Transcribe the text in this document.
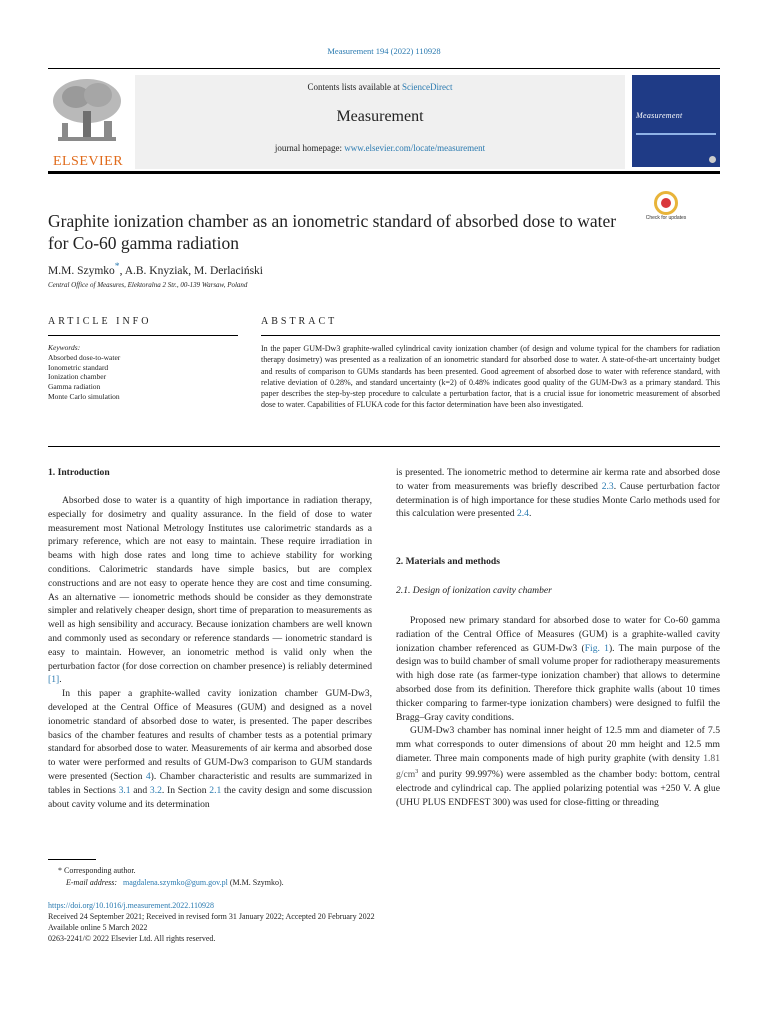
Measurement 194 (2022) 110928
ELSEVIER
Contents lists available at ScienceDirect
Measurement
journal homepage: www.elsevier.com/locate/measurement
Measurement
Graphite ionization chamber as an ionometric standard of absorbed dose to water for Co-60 gamma radiation
Check for updates
M.M. Szymko*, A.B. Knyziak, M. Derlaciński
Central Office of Measures, Elektoralna 2 Str., 00-139 Warsaw, Poland
ARTICLE INFO	ABSTRACT
Keywords:
Absorbed dose-to-water
Ionometric standard
Ionization chamber
Gamma radiation
Monte Carlo simulation
In the paper GUM-Dw3 graphite-walled cylindrical cavity ionization chamber (of design and volume typical for the chambers for radiation therapy dosimetry) was presented as a realization of an ionometric standard for absorbed dose to water. A state-of-the-art uncertainty budget and results of comparison to GUMs standards has been presented. Good agreement of absorbed dose to water with reference standard, with relative deviation of 0.28%, and standard uncertainty (k=2) of 0.48% indicates good quality of the GUM-Dw3 as a primary standard. This paper describes the step-by-step procedure to calculate a perturbation factor, that is a crucial issue for ionometric measurement of absorbed dose to water. Capabilities of FLUKA code for this factor determination have been also investigated.
1. Introduction

Absorbed dose to water is a quantity of high importance in radiation therapy, especially for dosimetry and quality assurance. In the field of dose to water measurement most National Metrology Institutes use calorimetric standards as a primary reference, which are not easy to maintain. These require irradiation in beams with high dose rates and long time to achieve stability for working conditions. Calorimetric standards have simple basics, but are complex constructions and are not easy to operate hence they are cost and time consuming. As an alternative — ionometric methods should be consider as they demonstrate simpler and relatively cheaper design, short time of preparation to measurements as well as high sensibility and accuracy. Because ionization chambers are well known and commonly used as secondary or reference standards — ionometric standard is easy to maintain. However, an ionometric method is valid only when the perturbation factor (for dose correction on chamber presence) is reliably determined [1].

In this paper a graphite-walled cavity ionization chamber GUM-Dw3, developed at the Central Office of Measures (GUM) and designed as a novel ionometric standard of absorbed dose to water, is presented. The paper describes basics of the chamber features and results of chamber tests as a potential primary standard for absorbed dose to water. Measurements of air kerma and absorbed dose to water were performed and results of GUM-Dw3 comparison to GUM standards were presented (Section 4). Chamber characteristic and results are summarized in tables in Sections 3.1 and 3.2. In Section 2.1 the cavity design and some discussion about cavity volume and its determination

is presented. The ionometric method to determine air kerma rate and absorbed dose to water from measurements was briefly described 2.3. Cause perturbation factor determination is of high importance for these studies Monte Carlo methods used for this calculation were presented 2.4.

2. Materials and methods
2.1. Design of ionization cavity chamber

Proposed new primary standard for absorbed dose to water for Co-60 gamma radiation of the Central Office of Measures (GUM) is a graphite-walled cavity ionization chamber referenced as GUM-Dw3 (Fig. 1). The main purpose of the design was to build chamber of small volume proper for radiotherapy measurements with high dose rate (as farmer-type ionization chamber) that allows to determine absorbed dose from its definition. Therefore thick graphite walls (about 10 times thicker comparing to farmer-type ionization chambers) were designed to fulfil the Bragg–Gray cavity conditions.

GUM-Dw3 chamber has nominal inner height of 12.5 mm and diameter of 7.5 mm what corresponds to outer dimensions of about 20 mm height and 12.5 mm diameter. Three main components made of high purity graphite (with density 1.81 $g/cm^3$ and purity 99.997%) were assembled as the chamber body: bottom, central electrode and cylindrical cap. The applied polarizing potential was +250 V. A glue (UHU PLUS ENDFEST 300) was used for close-fitting or threading

* Corresponding author.
E-mail address: magdalena.szymko@gum.gov.pl (M.M. Szymko).
https://doi.org/10.1016/j.measurement.2022.110928
Received 24 September 2021; Received in revised form 31 January 2022; Accepted 20 February 2022
Available online 5 March 2022
0263-2241/© 2022 Elsevier Ltd. All rights reserved.
